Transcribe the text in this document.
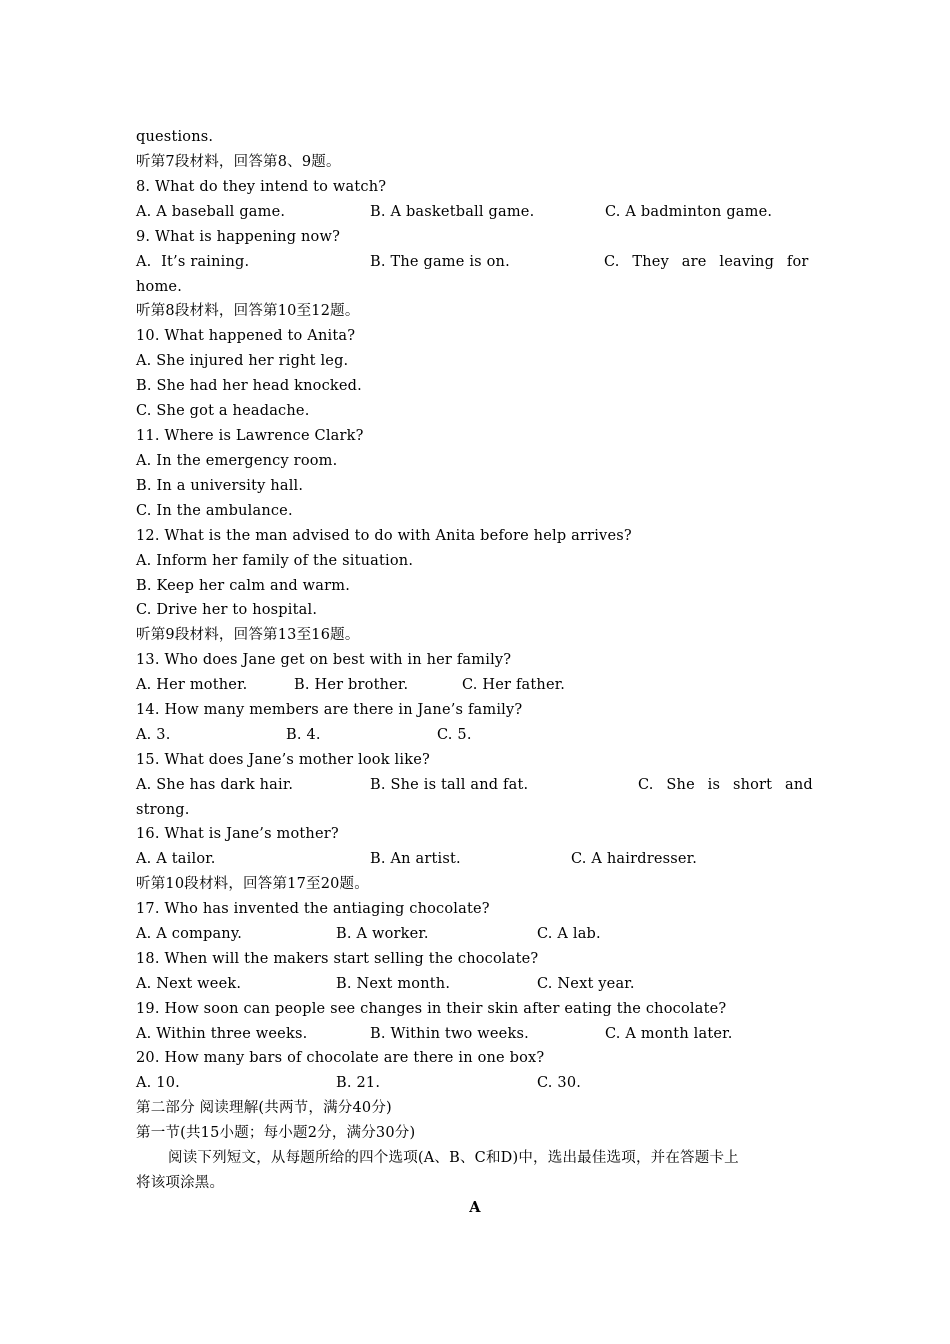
questions.
听第7段材料，回答第8、9题。
8. What do they intend to watch?
A. A baseball game.	B. A basketball game.	C. A badminton game.
9. What is happening now?
A.  It’s raining.	B. The game is on.	C. They are leaving for
home.
听第8段材料，回答第10至12题。
10. What happened to Anita?
A. She injured her right leg.
B. She had her head knocked.
C. She got a headache.
11. Where is Lawrence Clark?
A. In the emergency room.
B. In a university hall.
C. In the ambulance.
12. What is the man advised to do with Anita before help arrives?
A. Inform her family of the situation.
B. Keep her calm and warm.
C. Drive her to hospital.
听第9段材料，回答第13至16题。
13. Who does Jane get on best with in her family?
A. Her mother.	B. Her brother.	C. Her father.
14. How many members are there in Jane’s family?
A. 3.	B. 4.	C. 5.
15. What does Jane’s mother look like?
A. She has dark hair.	B. She is tall and fat.	C. She is short and
strong.
16. What is Jane’s mother?
A. A tailor.	B. An artist.	C. A hairdresser.
听第10段材料，回答第17至20题。
17. Who has invented the antiaging chocolate?
A. A company.	B. A worker.	C. A lab.
18. When will the makers start selling the chocolate?
A. Next week.	B. Next month.	C. Next year.
19. How soon can people see changes in their skin after eating the chocolate?
A. Within three weeks.	B. Within two weeks.	C. A month later.
20. How many bars of chocolate are there in one box?
A. 10.	B. 21.	C. 30.
第二部分 阅读理解(共两节，满分40分)
第一节(共15小题；每小题2分，满分30分)
阅读下列短文，从每题所给的四个选项(A、B、C和D)中，选出最佳选项，并在答题卡上
将该项涂黑。
A
